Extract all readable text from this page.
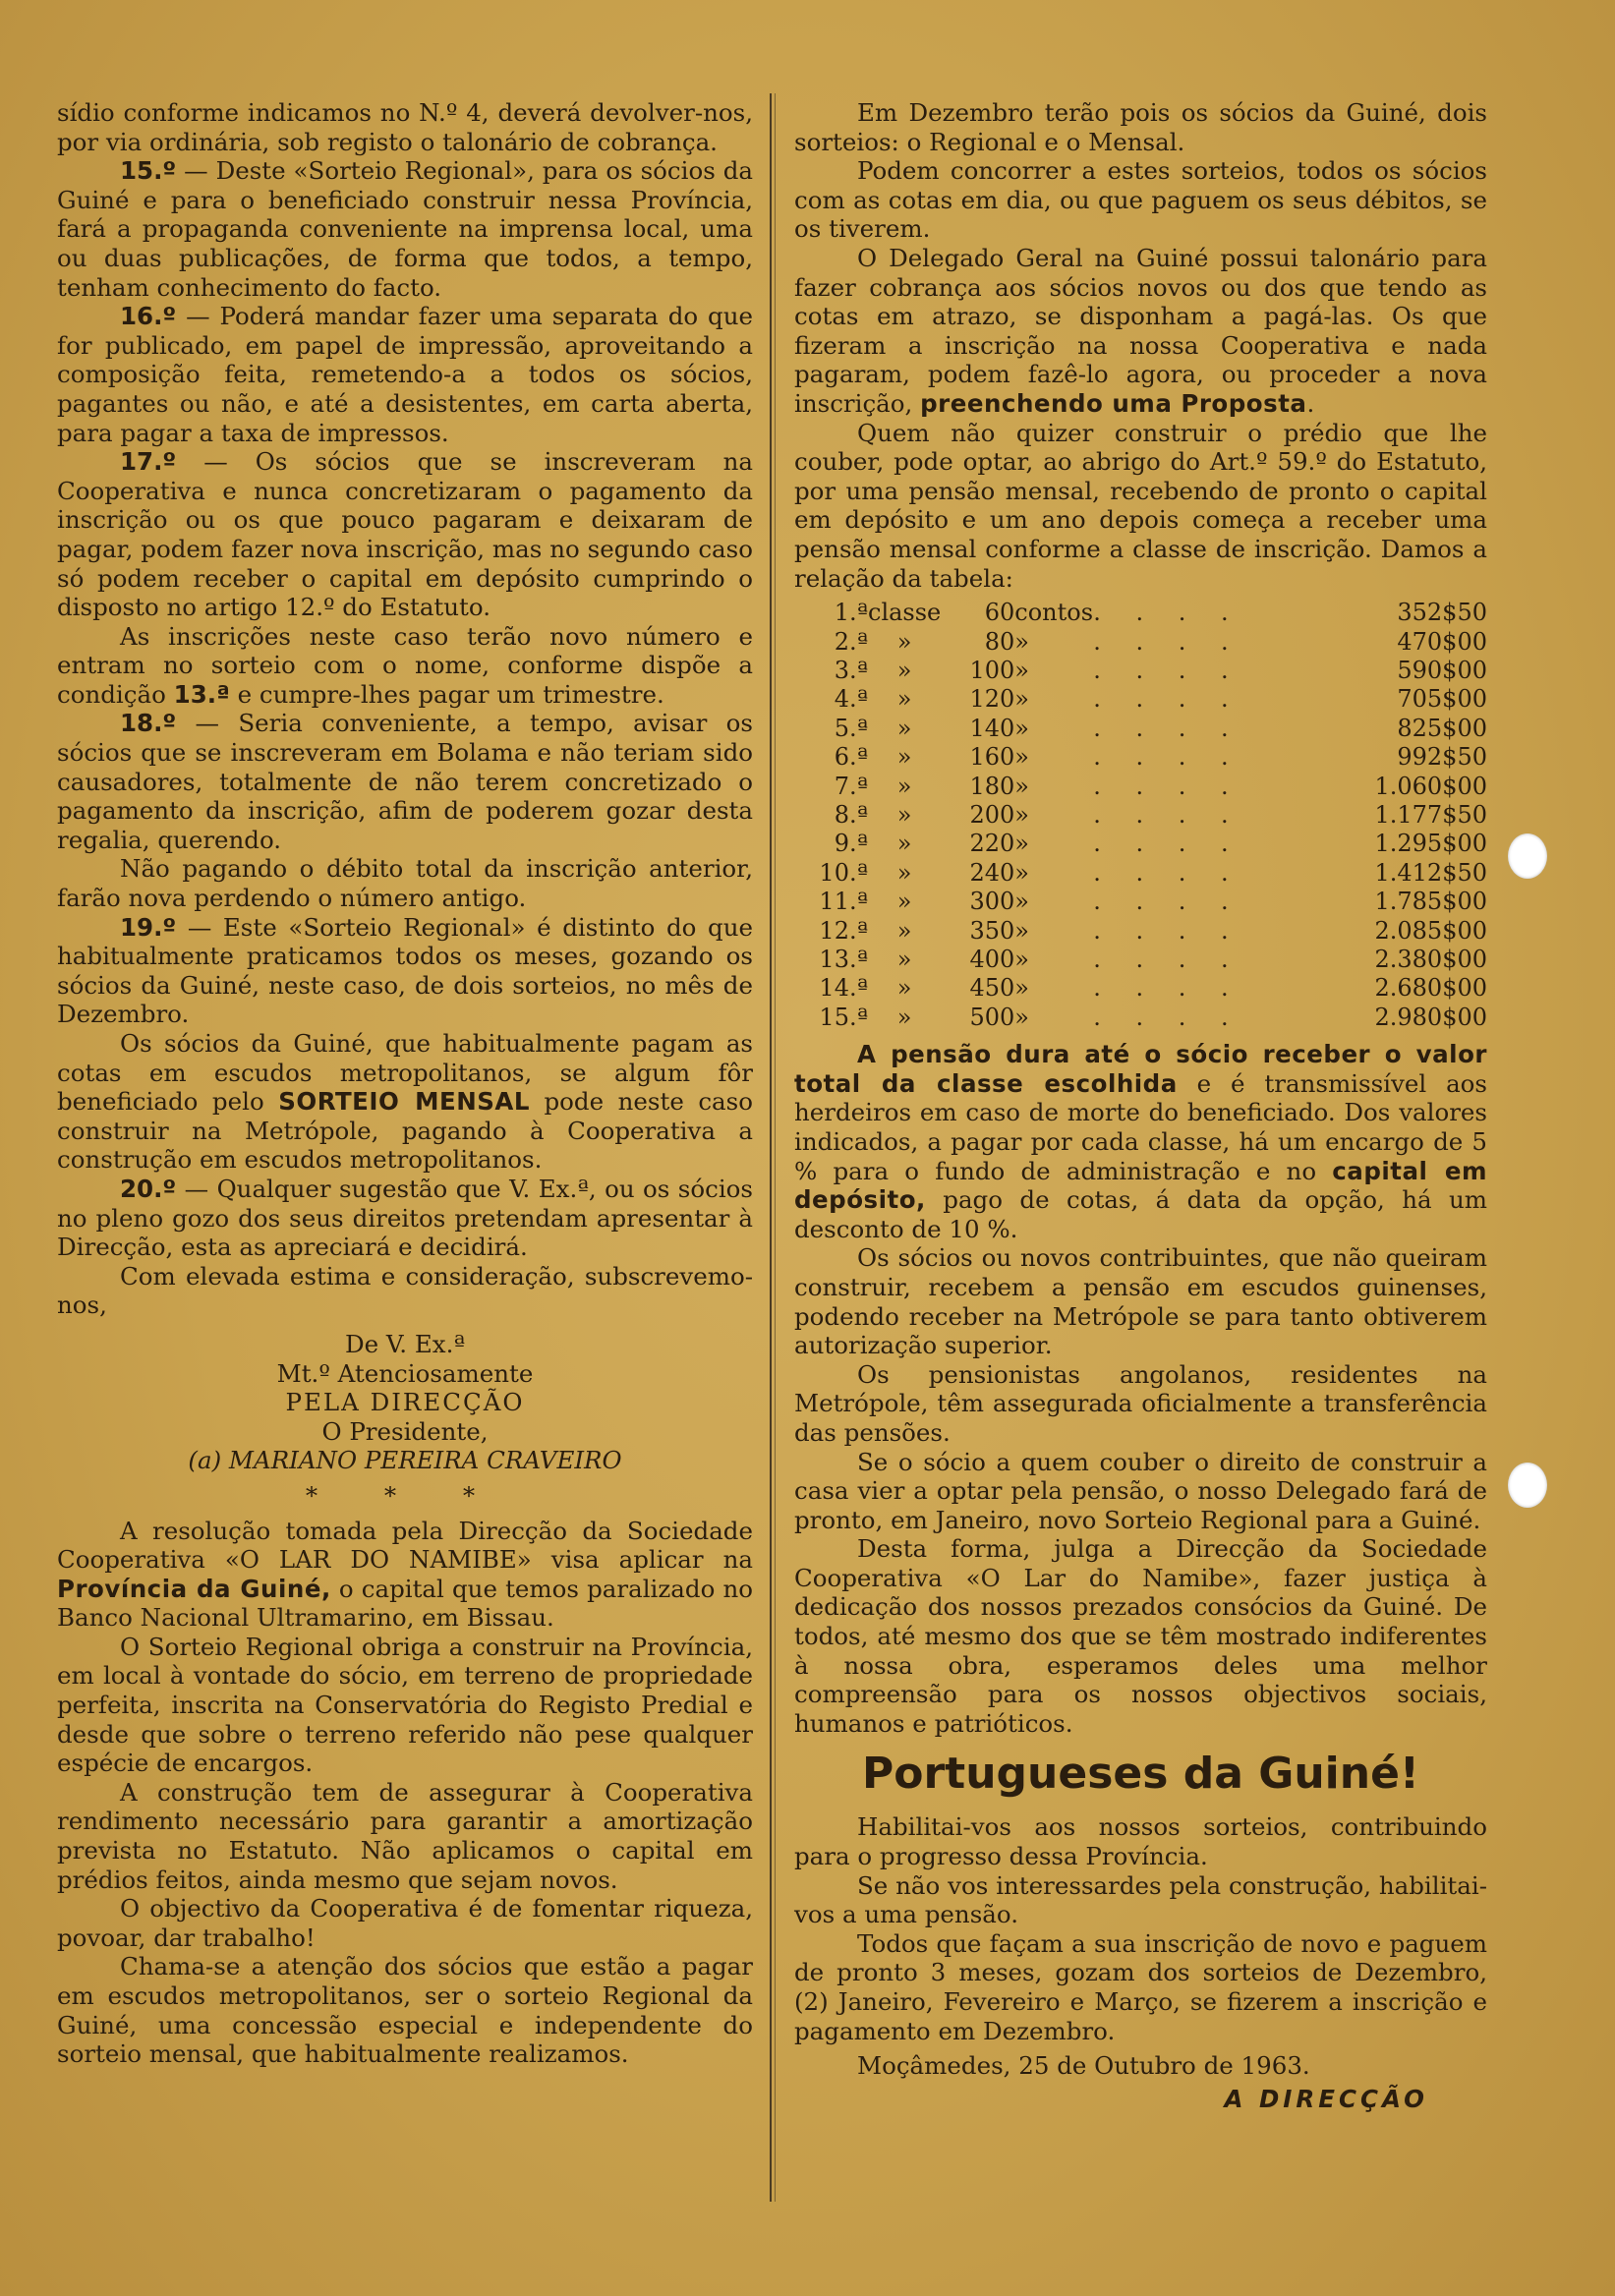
sídio conforme indicamos no N.º 4, deverá devolver-nos, por via ordinária, sob registo o talonário de cobrança.

15.º — Deste «Sorteio Regional», para os sócios da Guiné e para o beneficiado construir nessa Província, fará a propaganda conveniente na imprensa local, uma ou duas publicações, de forma que todos, a tempo, tenham conhecimento do facto.

16.º — Poderá mandar fazer uma separata do que for publicado, em papel de impressão, aproveitando a composição feita, remetendo-a a todos os sócios, pagantes ou não, e até a desistentes, em carta aberta, para pagar a taxa de impressos.

17.º — Os sócios que se inscreveram na Cooperativa e nunca concretizaram o pagamento da inscrição ou os que pouco pagaram e deixaram de pagar, podem fazer nova inscrição, mas no segundo caso só podem receber o capital em depósito cumprindo o disposto no artigo 12.º do Estatuto.

As inscrições neste caso terão novo número e entram no sorteio com o nome, conforme dispõe a condição 13.ª e cumpre-lhes pagar um trimestre.

18.º — Seria conveniente, a tempo, avisar os sócios que se inscreveram em Bolama e não teriam sido causadores, totalmente de não terem concretizado o pagamento da inscrição, afim de poderem gozar desta regalia, querendo.

Não pagando o débito total da inscrição anterior, farão nova perdendo o número antigo.

19.º — Este «Sorteio Regional» é distinto do que habitualmente praticamos todos os meses, gozando os sócios da Guiné, neste caso, de dois sorteios, no mês de Dezembro.

Os sócios da Guiné, que habitualmente pagam as cotas em escudos metropolitanos, se algum fôr beneficiado pelo SORTEIO MENSAL pode neste caso construir na Metrópole, pagando à Cooperativa a construção em escudos metropolitanos.

20.º — Qualquer sugestão que V. Ex.ª, ou os sócios no pleno gozo dos seus direitos pretendam apresentar à Direcção, esta as apreciará e decidirá.

Com elevada estima e consideração, subscrevemo-nos,

De V. Ex.ª

Mt.º Atenciosamente

PELA DIRECÇÃO

O Presidente,

(a) MARIANO PEREIRA CRAVEIRO

* * *

A resolução tomada pela Direcção da Sociedade Cooperativa «O LAR DO NAMIBE» visa aplicar na Província da Guiné, o capital que temos paralizado no Banco Nacional Ultramarino, em Bissau.

O Sorteio Regional obriga a construir na Província, em local à vontade do sócio, em terreno de propriedade perfeita, inscrita na Conservatória do Registo Predial e desde que sobre o terreno referido não pese qualquer espécie de encargos.

A construção tem de assegurar à Cooperativa rendimento necessário para garantir a amortização prevista no Estatuto. Não aplicamos o capital em prédios feitos, ainda mesmo que sejam novos.

O objectivo da Cooperativa é de fomentar riqueza, povoar, dar trabalho!

Chama-se a atenção dos sócios que estão a pagar em escudos metropolitanos, ser o sorteio Regional da Guiné, uma concessão especial e independente do sorteio mensal, que habitualmente realizamos.

Em Dezembro terão pois os sócios da Guiné, dois sorteios: o Regional e o Mensal.

Podem concorrer a estes sorteios, todos os sócios com as cotas em dia, ou que paguem os seus débitos, se os tiverem.

O Delegado Geral na Guiné possui talonário para fazer cobrança aos sócios novos ou dos que tendo as cotas em atrazo, se disponham a pagá-las. Os que fizeram a inscrição na nossa Cooperativa e nada pagaram, podem fazê-lo agora, ou proceder a nova inscrição, preenchendo uma Proposta.

Quem não quizer construir o prédio que lhe couber, pode optar, ao abrigo do Art.º 59.º do Estatuto, por uma pensão mensal, recebendo de pronto o capital em depósito e um ano depois começa a receber uma pensão mensal conforme a classe de inscrição. Damos a relação da tabela:

1.ª	classe	60	contos	. . . .	352$50
2.ª	»	80	»	. . . .	470$00
3.ª	»	100	»	. . . .	590$00
4.ª	»	120	»	. . . .	705$00
5.ª	»	140	»	. . . .	825$00
6.ª	»	160	»	. . . .	992$50
7.ª	»	180	»	. . . .	1.060$00
8.ª	»	200	»	. . . .	1.177$50
9.ª	»	220	»	. . . .	1.295$00
10.ª	»	240	»	. . . .	1.412$50
11.ª	»	300	»	. . . .	1.785$00
12.ª	»	350	»	. . . .	2.085$00
13.ª	»	400	»	. . . .	2.380$00
14.ª	»	450	»	. . . .	2.680$00
15.ª	»	500	»	. . . .	2.980$00

A pensão dura até o sócio receber o valor total da classe escolhida e é transmissível aos herdeiros em caso de morte do beneficiado. Dos valores indicados, a pagar por cada classe, há um encargo de 5 % para o fundo de administração e no capital em depósito, pago de cotas, á data da opção, há um desconto de 10 %.

Os sócios ou novos contribuintes, que não queiram construir, recebem a pensão em escudos guinenses, podendo receber na Metrópole se para tanto obtiverem autorização superior.

Os pensionistas angolanos, residentes na Metrópole, têm assegurada oficialmente a transferência das pensões.

Se o sócio a quem couber o direito de construir a casa vier a optar pela pensão, o nosso Delegado fará de pronto, em Janeiro, novo Sorteio Regional para a Guiné.

Desta forma, julga a Direcção da Sociedade Cooperativa «O Lar do Namibe», fazer justiça à dedicação dos nossos prezados consócios da Guiné. De todos, até mesmo dos que se têm mostrado indiferentes à nossa obra, esperamos deles uma melhor compreensão para os nossos objectivos sociais, humanos e patrióticos.

Portugueses da Guiné!

Habilitai-vos aos nossos sorteios, contribuindo para o progresso dessa Província.

Se não vos interessardes pela construção, habilitai-vos a uma pensão.

Todos que façam a sua inscrição de novo e paguem de pronto 3 meses, gozam dos sorteios de Dezembro, (2) Janeiro, Fevereiro e Março, se fizerem a inscrição e pagamento em Dezembro.

Moçâmedes, 25 de Outubro de 1963.

A DIRECÇÃO
